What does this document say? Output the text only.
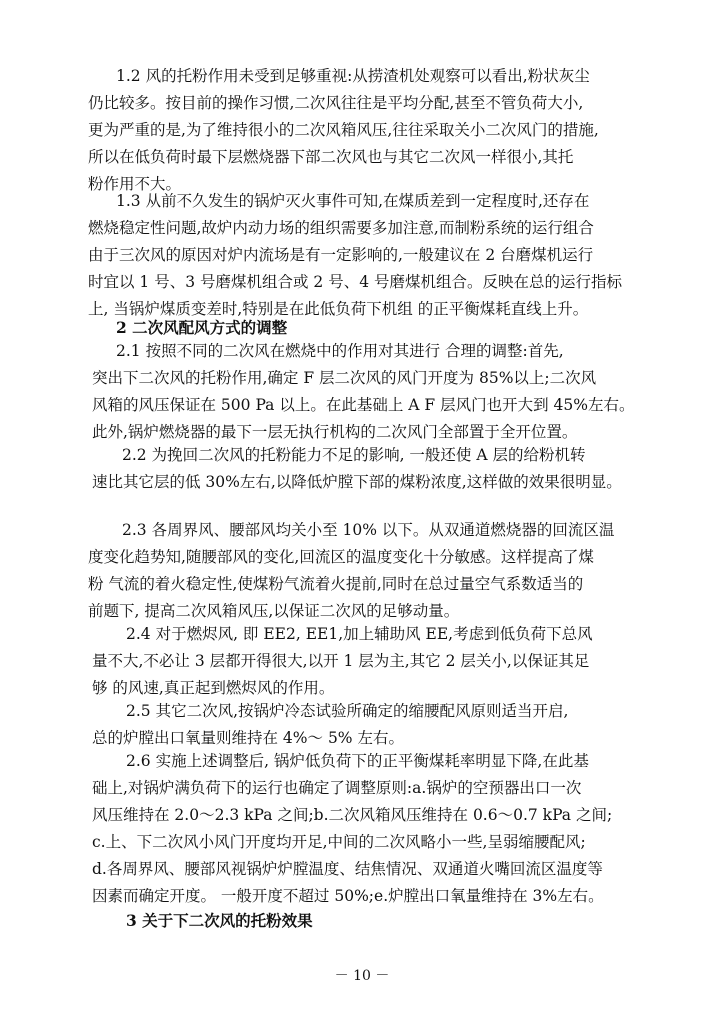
1.2 风的托粉作用未受到足够重视:从捞渣机处观察可以看出,粉状灰尘

仍比较多。按目前的操作习惯,二次风往往是平均分配,甚至不管负荷大小,

更为严重的是,为了维持很小的二次风箱风压,往往采取关小二次风门的措施,

所以在低负荷时最下层燃烧器下部二次风也与其它二次风一样很小,其托

粉作用不大。

1.3 从前不久发生的锅炉灭火事件可知,在煤质差到一定程度时,还存在

燃烧稳定性问题,故炉内动力场的组织需要多加注意,而制粉系统的运行组合

由于三次风的原因对炉内流场是有一定影响的,一般建议在 2 台磨煤机运行

时宜以 1 号、3 号磨煤机组合或 2 号、4 号磨煤机组合。反映在总的运行指标

上, 当锅炉煤质变差时,特别是在此低负荷下机组 的正平衡煤耗直线上升。

2 二次风配风方式的调整

2.1 按照不同的二次风在燃烧中的作用对其进行 合理的调整:首先,

突出下二次风的托粉作用,确定 F 层二次风的风门开度为 85%以上;二次风

风箱的风压保证在 500 Pa 以上。在此基础上 A F 层风门也开大到 45%左右。

此外,锅炉燃烧器的最下一层无执行机构的二次风门全部置于全开位置。

2.2 为挽回二次风的托粉能力不足的影响, 一般还使 A 层的给粉机转

速比其它层的低 30%左右,以降低炉膛下部的煤粉浓度,这样做的效果很明显。

2.3 各周界风、腰部风均关小至 10% 以下。从双通道燃烧器的回流区温

度变化趋势知,随腰部风的变化,回流区的温度变化十分敏感。这样提高了煤

粉 气流的着火稳定性,使煤粉气流着火提前,同时在总过量空气系数适当的

前题下, 提高二次风箱风压,以保证二次风的足够动量。

2.4 对于燃烬风, 即 EE2, EE1,加上辅助风 EE,考虑到低负荷下总风

量不大,不必让 3 层都开得很大,以开 1 层为主,其它 2 层关小,以保证其足

够 的风速,真正起到燃烬风的作用。

2.5 其它二次风,按锅炉冷态试验所确定的缩腰配风原则适当开启,

总的炉膛出口氧量则维持在 4%～ 5% 左右。

2.6 实施上述调整后, 锅炉低负荷下的正平衡煤耗率明显下降,在此基

础上,对锅炉满负荷下的运行也确定了调整原则:a.锅炉的空预器出口一次

风压维持在 2.0～2.3 kPa 之间;b.二次风箱风压维持在 0.6～0.7 kPa 之间;

c.上、下二次风小风门开度均开足,中间的二次风略小一些,呈弱缩腰配风;

d.各周界风、腰部风视锅炉炉膛温度、结焦情况、双通道火嘴回流区温度等

因素而确定开度。 一般开度不超过 50%;e.炉膛出口氧量维持在 3%左右。

3 关于下二次风的托粉效果

－ 10 －
